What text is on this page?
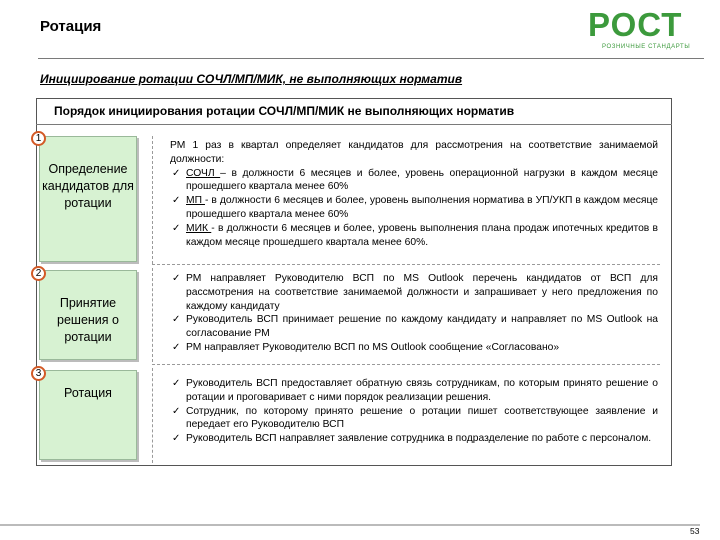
Ротация	РОСТ
РОЗНИЧНЫЕ СТАНДАРТЫ
Инициирование ротации СОЧЛ/МП/МИК, не выполняющих норматив
Порядок инициирования ротации СОЧЛ/МП/МИК не выполняющих норматив
Определение кандидатов для ротации
1
Принятие решения о ротации
2
Ротация
3
РМ 1 раз в квартал определяет кандидатов для рассмотрения на соответствие занимаемой должности:
✓ СОЧЛ – в должности 6 месяцев и более, уровень операционной нагрузки в каждом месяце прошедшего квартала менее 60%
✓ МП - в должности 6 месяцев и более, уровень выполнения норматива в УП/УКП в каждом месяце прошедшего квартала менее 60%
✓ МИК - в должности 6 месяцев и более, уровень выполнения плана продаж ипотечных кредитов в каждом месяце прошедшего квартала менее 60%.
✓ РМ направляет Руководителю ВСП по MS Outlook перечень кандидатов от ВСП для рассмотрения на соответствие занимаемой должности и запрашивает у него предложения по каждому кандидату
✓ Руководитель ВСП принимает решение по каждому кандидату и направляет по MS Outlook на согласование РМ
✓ РМ направляет Руководителю ВСП по MS Outlook сообщение «Согласовано»
✓ Руководитель ВСП предоставляет обратную связь сотрудникам, по которым принято решение о ротации и проговаривает с ними порядок реализации решения.
✓ Сотрудник, по которому принято решение о ротации пишет соответствующее заявление и передает его Руководителю ВСП
✓ Руководитель ВСП направляет заявление сотрудника в подразделение по работе с персоналом.
53
